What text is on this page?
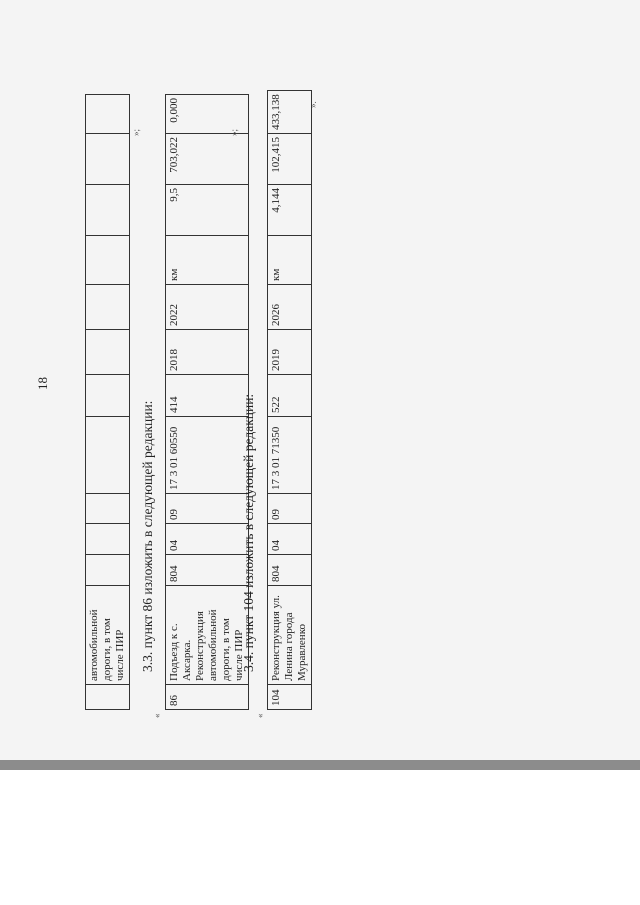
18
	автомобильной дороги, в том числе ПИР											
»;
3.3. пункт 86 изложить в следующей редакции:
«
86	Подъезд к с. Аксарка. Реконструкция автомобильной дороги, в том числе ПИР	804	04	09	17 3 01 60550	414	2018	2022	км	9,5	703,022	0,000
»;
3.4. пункт 104 изложить в следующей редакции:
«
104	Реконструкция ул. Ленина города Муравленко	804	04	09	17 3 01 71350	522	2019	2026	км	4,144	102,415	433,138	».
